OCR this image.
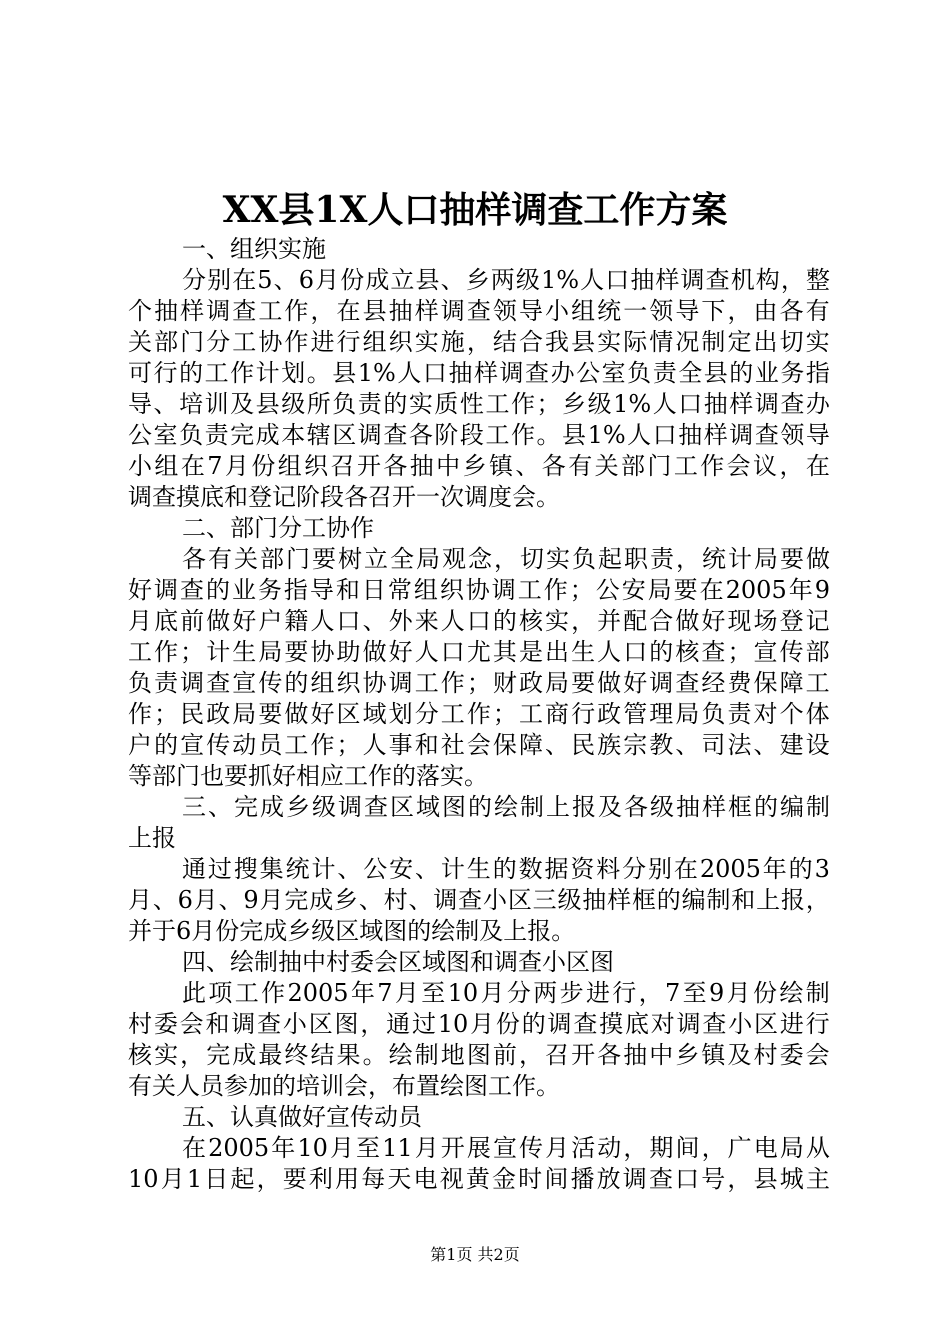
XX县1X人口抽样调查工作方案
一、组织实施
分 别 在 5 、 6 月 份 成 立 县 、 乡 两 级 1% 人 口 抽 样 调 查 机 构 ， 整
个 抽 样 调 查 工 作 ， 在 县 抽 样 调 查 领 导 小 组 统 一 领 导 下 ， 由 各 有
关 部 门 分 工 协 作 进 行 组 织 实 施 ， 结 合 我 县 实 际 情 况 制 定 出 切 实
可 行 的 工 作 计 划 。 县 1% 人 口 抽 样 调 查 办 公 室 负 责 全 县 的 业 务 指
导 、 培 训 及 县 级 所 负 责 的 实 质 性 工 作 ； 乡 级 1% 人 口 抽 样 调 查 办
公 室 负 责 完 成 本 辖 区 调 查 各 阶 段 工 作 。 县 1% 人 口 抽 样 调 查 领 导
小 组 在 7 月 份 组 织 召 开 各 抽 中 乡 镇 、 各 有 关 部 门 工 作 会 议 ， 在
调查摸底和登记阶段各召开一次调度会。
二、部门分工协作
各 有 关 部 门 要 树 立 全 局 观 念 ， 切 实 负 起 职 责 ， 统 计 局 要 做
好 调 查 的 业 务 指 导 和 日 常 组 织 协 调 工 作 ； 公 安 局 要 在 2005 年 9
月 底 前 做 好 户 籍 人 口 、 外 来 人 口 的 核 实 ， 并 配 合 做 好 现 场 登 记
工 作 ； 计 生 局 要 协 助 做 好 人 口 尤 其 是 出 生 人 口 的 核 查 ； 宣 传 部
负 责 调 查 宣 传 的 组 织 协 调 工 作 ； 财 政 局 要 做 好 调 查 经 费 保 障 工
作 ； 民 政 局 要 做 好 区 域 划 分 工 作 ； 工 商 行 政 管 理 局 负 责 对 个 体
户 的 宣 传 动 员 工 作 ； 人 事 和 社 会 保 障 、 民 族 宗 教 、 司 法 、 建 设
等部门也要抓好相应工作的落实。
三 、 完 成 乡 级 调 查 区 域 图 的 绘 制 上 报 及 各 级 抽 样 框 的 编 制
上报
通 过 搜 集 统 计 、 公 安 、 计 生 的 数 据 资 料 分 别 在 2005 年 的 3
月 、 6 月 、 9 月 完 成 乡 、 村 、 调 查 小 区 三 级 抽 样 框 的 编 制 和 上 报 ，
并于6月份完成乡级区域图的绘制及上报。
四、绘制抽中村委会区域图和调查小区图
此 项 工 作 2005 年 7 月 至 10 月 分 两 步 进 行 ， 7 至 9 月 份 绘 制
村 委 会 和 调 查 小 区 图 ， 通 过 10 月 份 的 调 查 摸 底 对 调 查 小 区 进 行
核 实 ， 完 成 最 终 结 果 。 绘 制 地 图 前 ， 召 开 各 抽 中 乡 镇 及 村 委 会
有关人员参加的培训会，布置绘图工作。
五、认真做好宣传动员
在 2005 年 10 月 至 11 月 开 展 宣 传 月 活 动 ， 期 间 ， 广 电 局 从
10 月 1 日 起 ， 要 利 用 每 天 电 视 黄 金 时 间 播 放 调 查 口 号 ， 县 城 主
第1页 共2页
